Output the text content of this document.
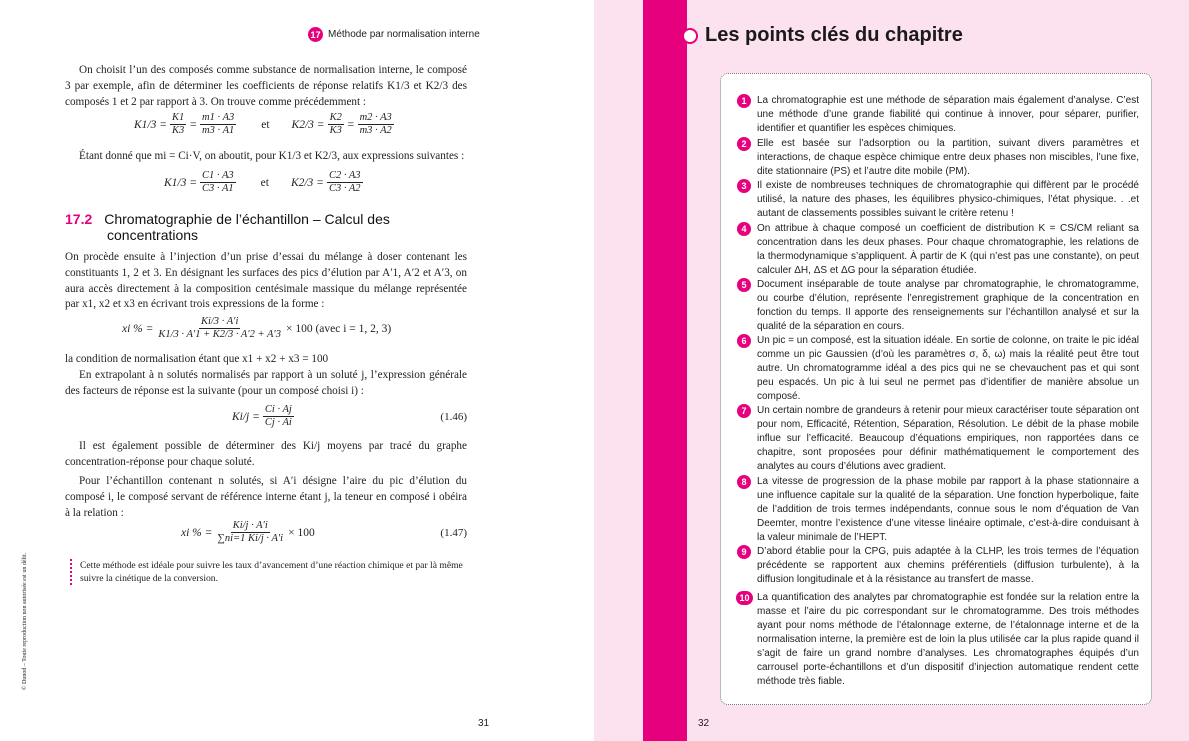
17 Méthode par normalisation interne
On choisit l’un des composés comme substance de normalisation interne, le composé 3 par exemple, afin de déterminer les coefficients de réponse relatifs K1/3 et K2/3 des composés 1 et 2 par rapport à 3. On trouve comme précédemment :
$K1/3 = \frac{K1}{K3} = \frac{m1 \cdot A3}{m3 \cdot A1}$ et $K2/3 = \frac{K2}{K3} = \frac{m2 \cdot A3}{m3 \cdot A2}$
Étant donné que mi = Ci·V, on aboutit, pour K1/3 et K2/3, aux expressions suivantes :
$K1/3 = \frac{C1 \cdot A3}{C3 \cdot A1}$ et $K2/3 = \frac{C2 \cdot A3}{C3 \cdot A2}$
17.2 Chromatographie de l’échantillon – Calcul des
concentrations
On procède ensuite à l’injection d’un prise d’essai du mélange à doser contenant les constituants 1, 2 et 3. En désignant les surfaces des pics d’élution par A′1, A′2 et A′3, on aura accès directement à la composition centésimale massique du mélange représentée par x1, x2 et x3 en écrivant trois expressions de la forme :
xi % = $\frac{Ki/3 \cdot A'i}{K1/3 \cdot A'1 + K2/3 \cdot A'2 + A'3} \times 100$ (avec i = 1, 2, 3)
la condition de normalisation étant que x1 + x2 + x3 = 100
En extrapolant à n solutés normalisés par rapport à un soluté j, l’expression générale des facteurs de réponse est la suivante (pour un composé choisi i) :
$Ki/j = \frac{Ci \cdot Aj}{Cj \cdot Ai}$	(1.46)
Il est également possible de déterminer des Ki/j moyens par tracé du graphe concentration-réponse pour chaque soluté.
Pour l’échantillon contenant n solutés, si A′i désigne l’aire du pic d’élution du composé i, le composé servant de référence interne étant j, la teneur en composé i obéira à la relation :
xi % = $\frac{Ki/j \cdot A'i}{\sum ni=1 Ki/j \cdot A'i} \times 100$	(1.47)
Cette méthode est idéale pour suivre les taux d’avancement d’une réaction chimique et par là même suivre la cinétique de la conversion.
© Dunod – Toute reproduction non autorisée est un délit.
31
Les points clés du chapitre
1	La chromatographie est une méthode de séparation mais également d’analyse. C’est une méthode d’une grande fiabilité qui continue à innover, pour séparer, purifier, identifier et quantifier les espèces chimiques.
2	Elle est basée sur l’adsorption ou la partition, suivant divers paramètres et interactions, de chaque espèce chimique entre deux phases non miscibles, l’une fixe, dite stationnaire (PS) et l’autre dite mobile (PM).
3	Il existe de nombreuses techniques de chromatographie qui diffèrent par le procédé utilisé, la nature des phases, les équilibres physico-chimiques, l’état physique. . .et autant de classements possibles suivant le critère retenu !
4	On attribue à chaque composé un coefficient de distribution K = CS/CM reliant sa concentration dans les deux phases. Pour chaque chromatographie, les relations de la thermodynamique s’appliquent. À partir de K (qui n’est pas une constante), on peut calculer ΔH, ΔS et ΔG pour la séparation étudiée.
5	Document inséparable de toute analyse par chromatographie, le chromatogramme, ou courbe d’élution, représente l’enregistrement graphique de la concentration en fonction du temps. Il apporte des renseignements sur l’échantillon analysé et sur la qualité de la séparation en cours.
6	Un pic = un composé, est la situation idéale. En sortie de colonne, on traite le pic idéal comme un pic Gaussien (d’où les paramètres σ, δ, ω) mais la réalité peut être tout autre. Un chromatogramme idéal a des pics qui ne se chevauchent pas et qui sont peu espacés. Un pic à lui seul ne permet pas d’identifier de manière absolue un composé.
7	Un certain nombre de grandeurs à retenir pour mieux caractériser toute séparation ont pour nom, Efficacité, Rétention, Séparation, Résolution. Le débit de la phase mobile influe sur l’efficacité. Beaucoup d’équations empiriques, non rapportées dans ce chapitre, sont proposées pour définir mathématiquement le comportement des analytes au cours d’élutions avec gradient.
8	La vitesse de progression de la phase mobile par rapport à la phase stationnaire a une influence capitale sur la qualité de la séparation. Une fonction hyperbolique, faite de l’addition de trois termes indépendants, connue sous le nom d’équation de Van Deemter, montre l’existence d’une vitesse linéaire optimale, c’est-à-dire conduisant à la valeur minimale de l’HEPT.
9	D’abord établie pour la CPG, puis adaptée à la CLHP, les trois termes de l’équation précédente se rapportent aux chemins préférentiels (diffusion turbulente), à la diffusion longitudinale et à la résistance au transfert de masse.
10 La quantification des analytes par chromatographie est fondée sur la relation entre la masse et l’aire du pic correspondant sur le chromatogramme. Des trois méthodes ayant pour noms méthode de l’étalonnage externe, de l’étalonnage interne et de la normalisation interne, la première est de loin la plus utilisée car la plus rapide quand il s’agit de faire un grand nombre d’analyses. Les chromatographes équipés d’un carrousel porte-échantillons et d’un dispositif d’injection automatique rendent cette méthode très fiable.
32
